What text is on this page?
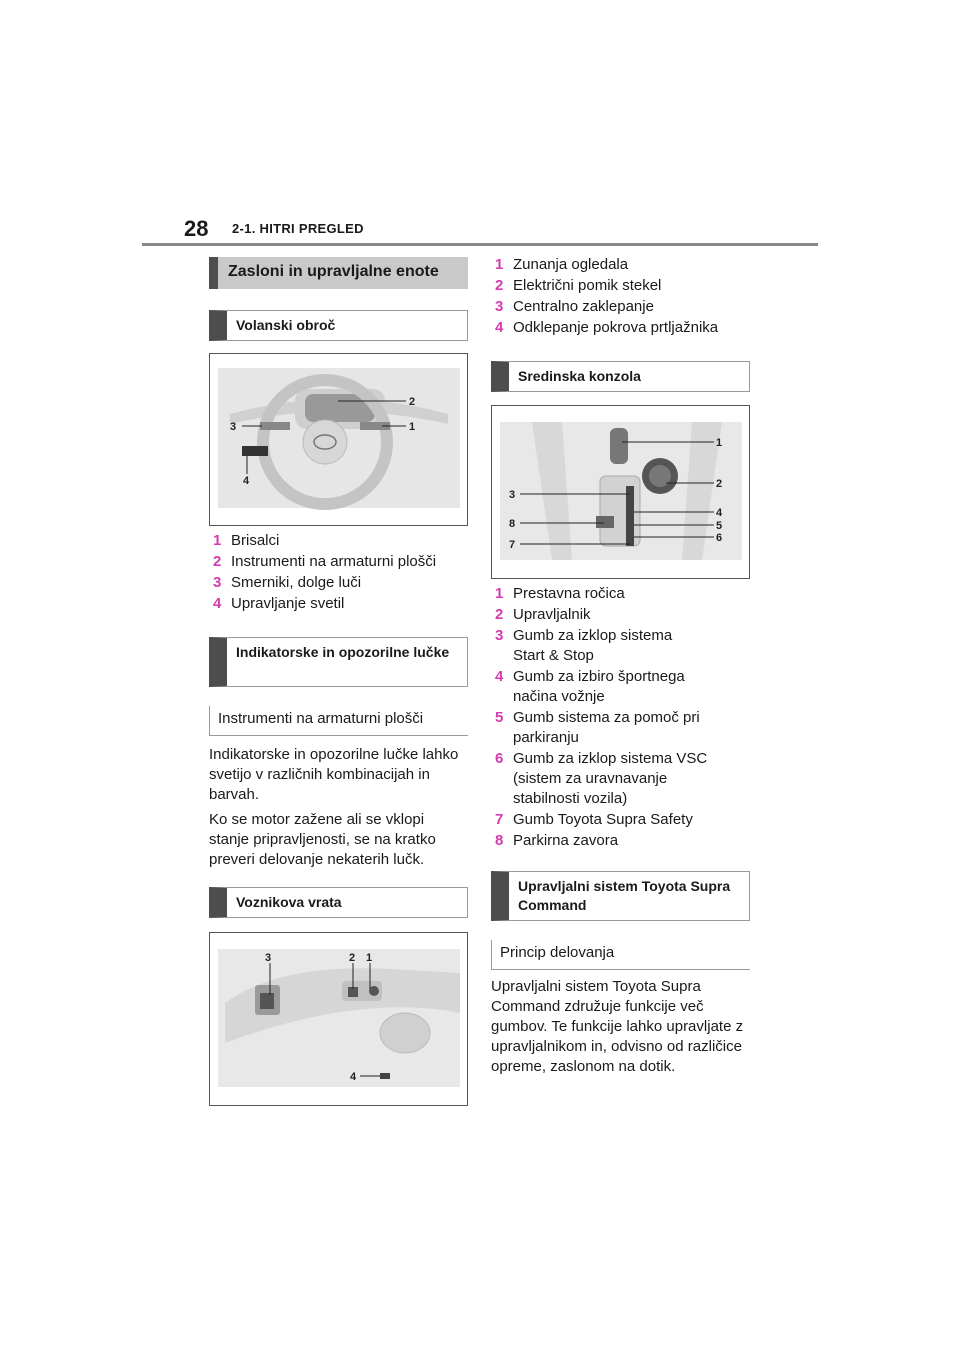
28 2-1. HITRI PREGLED
Zasloni in upravljalne enote
Volanski obroč
2
1
3
4
1 Brisalci
2 Instrumenti na armaturni plošči
3 Smerniki, dolge luči
4 Upravljanje svetil
Indikatorske in opozorilne lučke
Instrumenti na armaturni plošči
Indikatorske in opozorilne lučke lahko svetijo v različnih kombinacijah in barvah.
Ko se motor zažene ali se vklopi stanje pripravljenosti, se na kratko preveri delovanje nekaterih lučk.
Voznikova vrata
3	2 1
4
1 Zunanja ogledala
2 Električni pomik stekel
3 Centralno zaklepanje
4 Odklepanje pokrova prtljažnika
Sredinska konzola
1
2
3
4
5
6
7
8
1 Prestavna ročica
2 Upravljalnik
3 Gumb za izklop sistema Start & Stop
4 Gumb za izbiro športnega načina vožnje
5 Gumb sistema za pomoč pri parkiranju
6 Gumb za izklop sistema VSC (sistem za uravnavanje stabilnosti vozila)
7 Gumb Toyota Supra Safety
8 Parkirna zavora
Upravljalni sistem Toyota Supra Command
Princip delovanja
Upravljalni sistem Toyota Supra Command združuje funkcije več gumbov. Te funkcije lahko upravljate z upravljalnikom in, odvisno od različice opreme, zaslonom na dotik.
